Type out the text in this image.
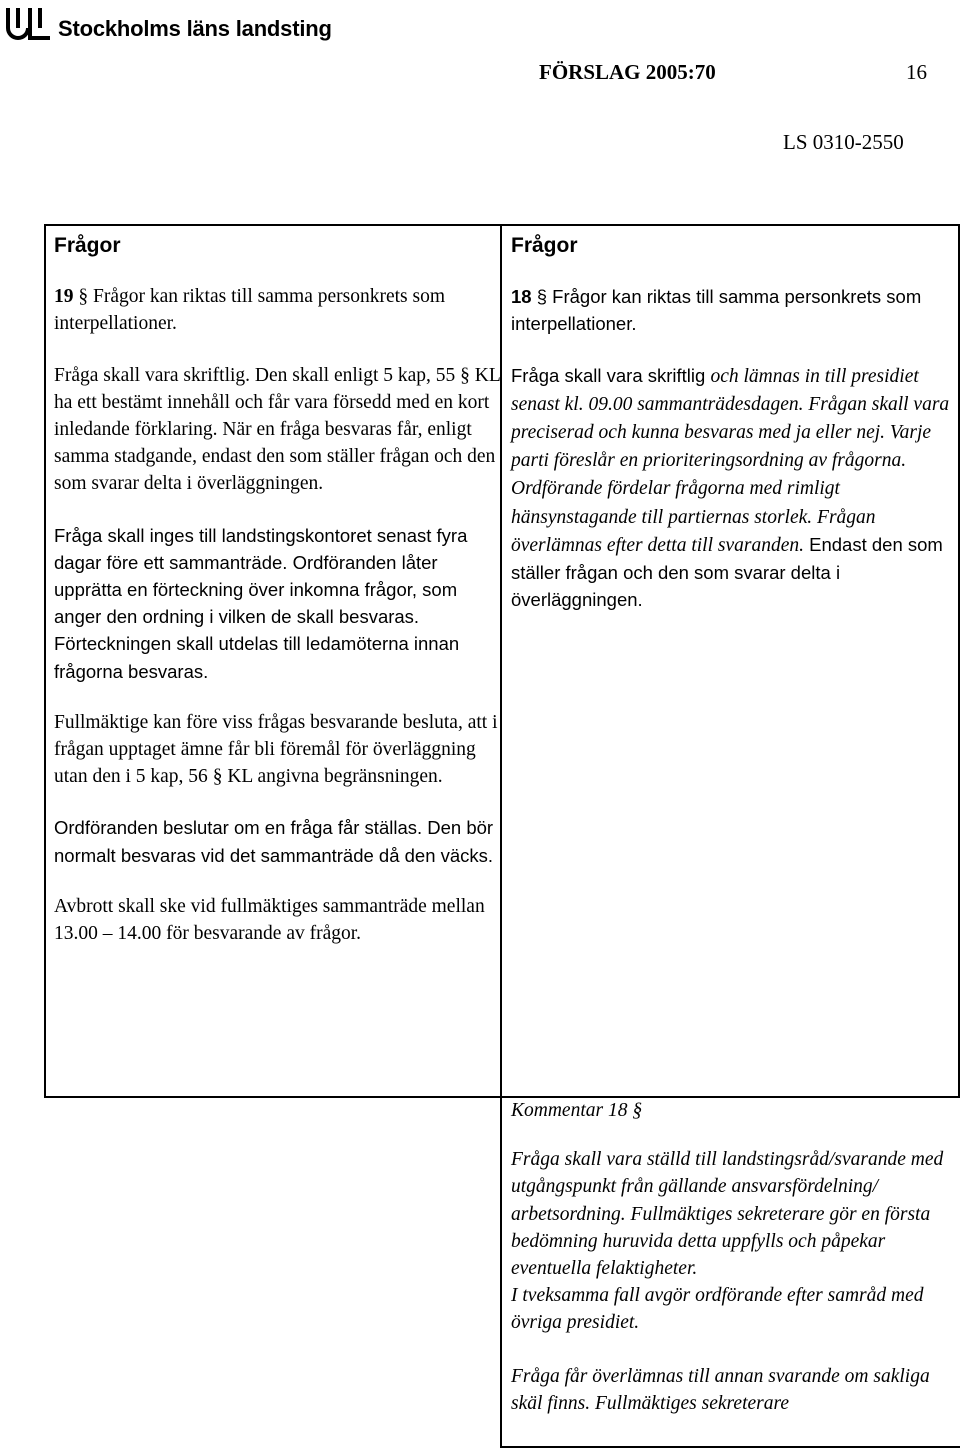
Stockholms läns landsting
FÖRSLAG 2005:70	16
LS 0310-2550
Frågor

19 § Frågor kan riktas till samma personkrets som interpellationer.

Fråga skall vara skriftlig. Den skall enligt 5 kap, 55 § KL ha ett bestämt innehåll och får vara försedd med en kort inledande förklaring. När en fråga besvaras får, enligt samma stadgande, endast den som ställer frågan och den som svarar delta i överläggningen.

Fråga skall inges till landstingskontoret senast fyra dagar före ett sammanträde. Ordföranden låter upprätta en förteckning över inkomna frågor, som anger den ordning i vilken de skall besvaras. Förteckningen skall utdelas till ledamöterna innan frågorna besvaras.

Fullmäktige kan före viss frågas besvarande besluta, att i frågan upptaget ämne får bli föremål för överläggning utan den i 5 kap, 56 § KL angivna begränsningen.

Ordföranden beslutar om en fråga får ställas. Den bör normalt besvaras vid det sammanträde då den väcks.

Avbrott skall ske vid fullmäktiges sammanträde mellan 13.00 – 14.00 för besvarande av frågor.

Frågor

18 § Frågor kan riktas till samma personkrets som interpellationer.

Fråga skall vara skriftlig och lämnas in till presidiet senast kl. 09.00 sammanträdesdagen. Frågan skall vara preciserad och kunna besvaras med ja eller nej. Varje parti föreslår en prioriteringsordning av frågorna. Ordförande fördelar frågorna med rimligt hänsynstagande till partiernas storlek. Frågan överlämnas efter detta till svaranden. Endast den som ställer frågan och den som svarar delta i överläggningen.

Kommentar 18 §

Fråga skall vara ställd till landstingsråd/svarande med utgångspunkt från gällande ansvarsfördelning/ arbetsordning. Fullmäktiges sekreterare gör en första bedömning huruvida detta uppfylls och påpekar eventuella felaktigheter.

I tveksamma fall avgör ordförande efter samråd med övriga presidiet.

Fråga får överlämnas till annan svarande om sakliga skäl finns. Fullmäktiges sekreterare
